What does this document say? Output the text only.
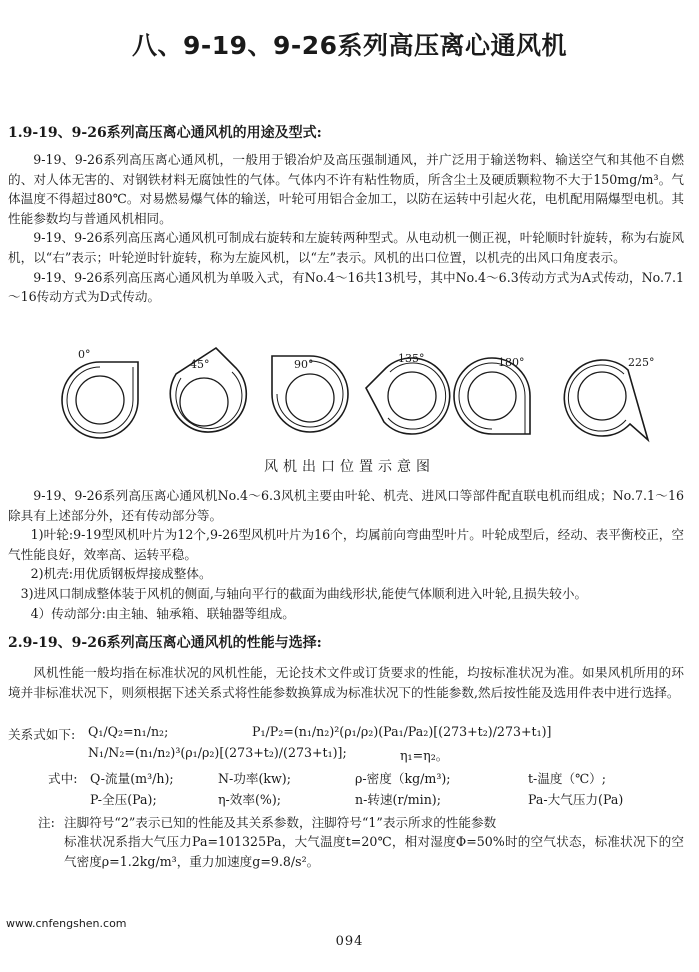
八、9-19、9-26系列高压离心通风机
1.9-19、9-26系列高压离心通风机的用途及型式:

9-19、9-26系列高压离心通风机，一般用于锻冶炉及高压强制通风，并广泛用于输送物料、输送空气和其他不自燃的、对人体无害的、对钢铁材料无腐蚀性的气体。气体内不许有粘性物质，所含尘土及硬质颗粒物不大于150mg/m³。气体温度不得超过80℃。对易燃易爆气体的输送，叶轮可用铝合金加工，以防在运转中引起火花，电机配用隔爆型电机。其性能参数均与普通风机相同。

9-19、9-26系列高压离心通风机可制成右旋转和左旋转两种型式。从电动机一侧正视，叶轮顺时针旋转，称为右旋风机，以“右”表示；叶轮逆时针旋转，称为左旋风机，以“左”表示。风机的出口位置，以机壳的出风口角度表示。

9-19、9-26系列高压离心通风机为单吸入式，有No.4～16共13机号，其中No.4～6.3传动方式为A式传动，No.7.1～16传动方式为D式传动。

0°
45°	90°	135°	180°	225°
风机出口位置示意图

9-19、9-26系列高压离心通风机No.4～6.3风机主要由叶轮、机壳、进风口等部件配直联电机而组成；No.7.1～16除具有上述部分外，还有传动部分等。

1)叶轮:9-19型风机叶片为12个,9-26型风机叶片为16个，均属前向弯曲型叶片。叶轮成型后，经动、表平衡校正，空气性能良好，效率高、运转平稳。

2)机壳:用优质钢板焊接成整体。

3)进风口制成整体装于风机的侧面,与轴向平行的截面为曲线形状,能使气体顺利进入叶轮,且损失较小。

4）传动部分:由主轴、轴承箱、联轴器等组成。

2.9-19、9-26系列高压离心通风机的性能与选择:

风机性能一般均指在标准状况的风机性能，无论技术文件或订货要求的性能，均按标准状况为准。如果风机所用的环境并非标准状况下，则须根据下述关系式将性能参数换算成为标准状况下的性能参数,然后按性能及选用件表中进行选择。

关系式如下: Q₁/Q₂=n₁/n₂;	P₁/P₂=(n₁/n₂)²(ρ₁/ρ₂)(Pa₁/Pa₂)[(273+t₂)/273+t₁)]
N₁/N₂=(n₁/n₂)³(ρ₁/ρ₂)[(273+t₂)/(273+t₁)];	η₁=η₂。
式中: Q-流量(m³/h);	N-功率(kw);	ρ-密度（kg/m³);	t-温度（℃）;
P-全压(Pa);	η-效率(%);	n-转速(r/min);	Pa-大气压力(Pa)
注: 注脚符号“2”表示已知的性能及其关系参数，注脚符号“1”表示所求的性能参数

标准状况系指大气压力Pa=101325Pa，大气温度t=20℃，相对湿度Φ=50%时的空气状态，标准状况下的空气密度ρ=1.2kg/m³，重力加速度g=9.8/s²。

www.cnfengshen.com
094
